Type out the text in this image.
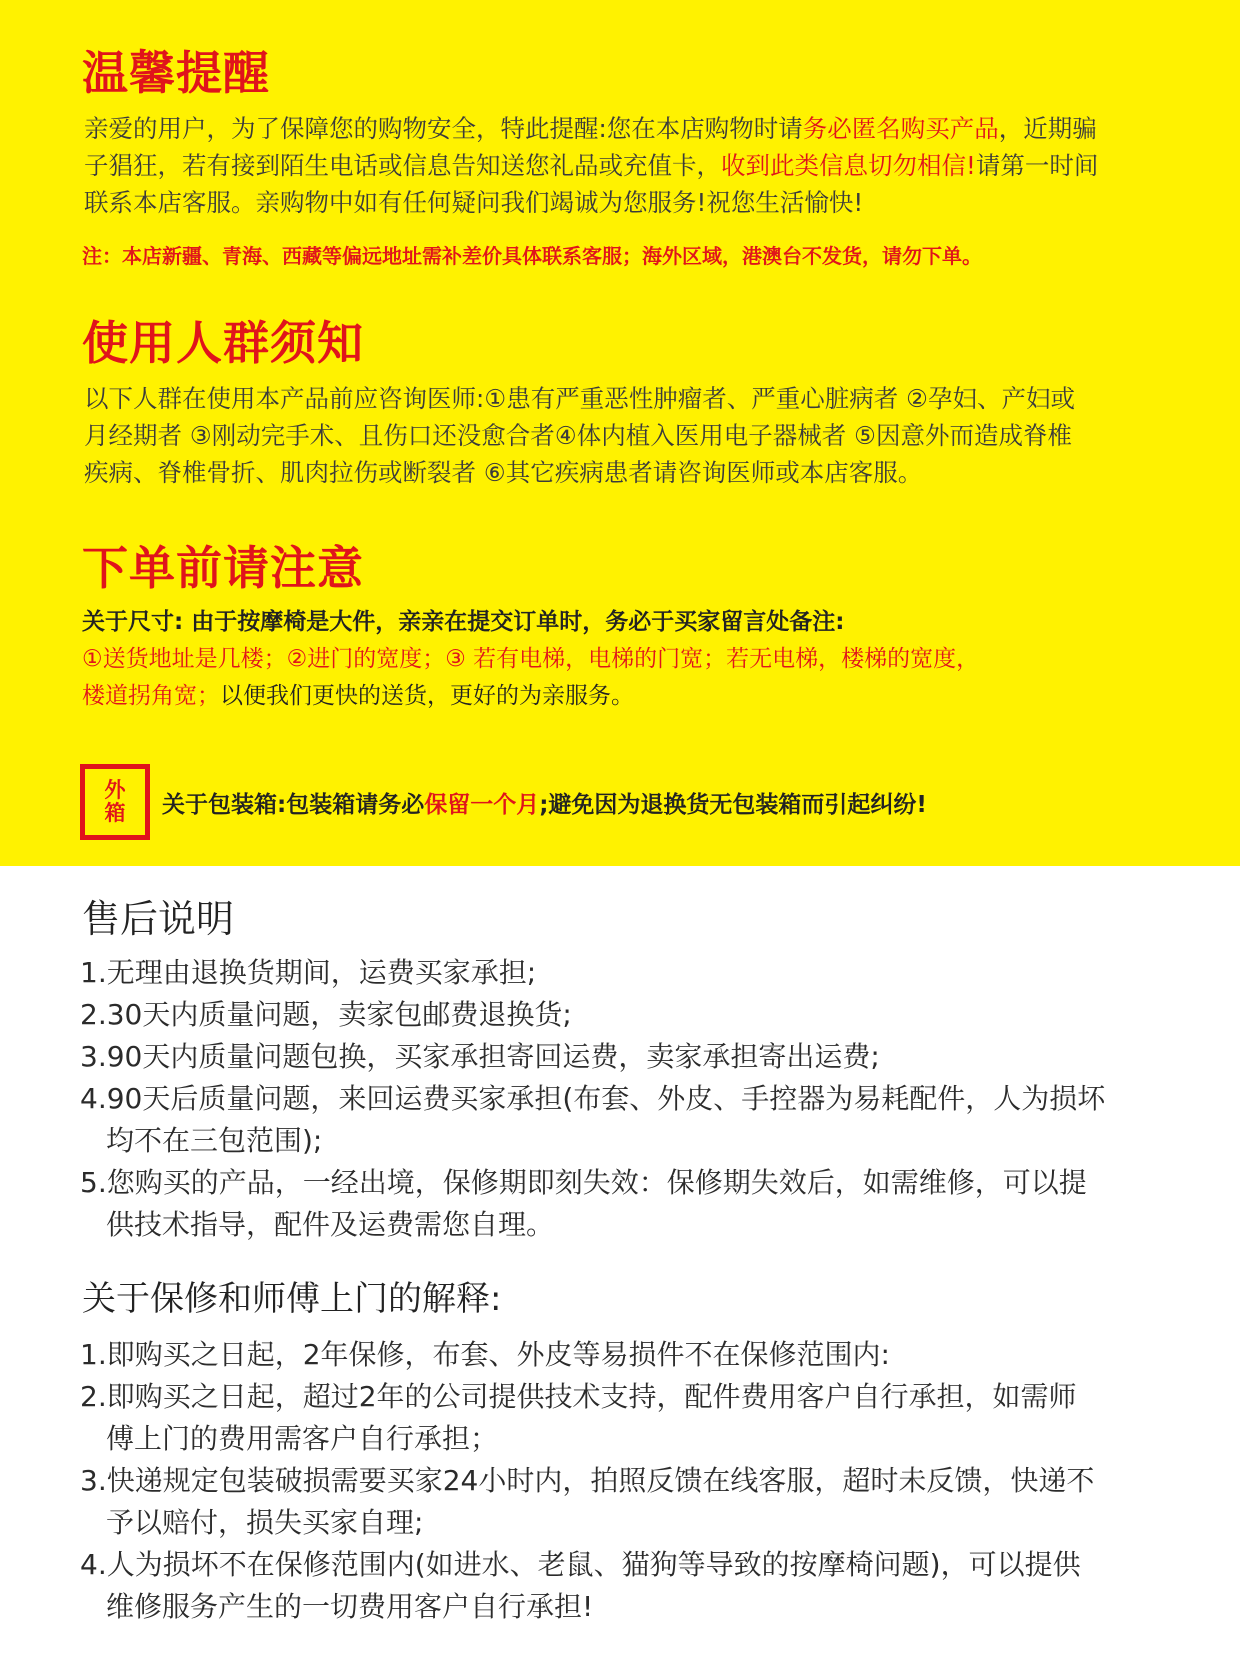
温馨提醒
亲爱的用户，为了保障您的购物安全，特此提醒:您在本店购物时请务必匿名购买产品，近期骗
子猖狂，若有接到陌生电话或信息告知送您礼品或充值卡，收到此类信息切勿相信!请第一时间
联系本店客服。亲购物中如有任何疑问我们竭诚为您服务!祝您生活愉快!
注：本店新疆、青海、西藏等偏远地址需补差价具体联系客服；海外区域，港澳台不发货，请勿下单。
使用人群须知
以下人群在使用本产品前应咨询医师:①患有严重恶性肿瘤者、严重心脏病者 ②孕妇、产妇或
月经期者 ③刚动完手术、且伤口还没愈合者④体内植入医用电子器械者 ⑤因意外而造成脊椎
疾病、脊椎骨折、肌肉拉伤或断裂者 ⑥其它疾病患者请咨询医师或本店客服。
下单前请注意
关于尺寸: 由于按摩椅是大件，亲亲在提交订单时，务必于买家留言处备注:
①送货地址是几楼；②进门的宽度；③ 若有电梯，电梯的门宽；若无电梯，楼梯的宽度，
楼道拐角宽；以便我们更快的送货，更好的为亲服务。
外
箱 关于包装箱:包装箱请务必保留一个月;避免因为退换货无包装箱而引起纠纷!
售后说明
1.无理由退换货期间，运费买家承担;
2.30天内质量问题，卖家包邮费退换货;
3.90天内质量问题包换，买家承担寄回运费，卖家承担寄出运费;
4.90天后质量问题，来回运费买家承担(布套、外皮、手控器为易耗配件，人为损坏
均不在三包范围);
5.您购买的产品，一经出境，保修期即刻失效：保修期失效后，如需维修，可以提
供技术指导，配件及运费需您自理。
关于保修和师傅上门的解释:
1.即购买之日起，2年保修，布套、外皮等易损件不在保修范围内:
2.即购买之日起，超过2年的公司提供技术支持，配件费用客户自行承担，如需师
傅上门的费用需客户自行承担；
3.快递规定包装破损需要买家24小时内，拍照反馈在线客服，超时未反馈，快递不
予以赔付，损失买家自理;
4.人为损坏不在保修范围内(如进水、老鼠、猫狗等导致的按摩椅问题)，可以提供
维修服务产生的一切费用客户自行承担!
